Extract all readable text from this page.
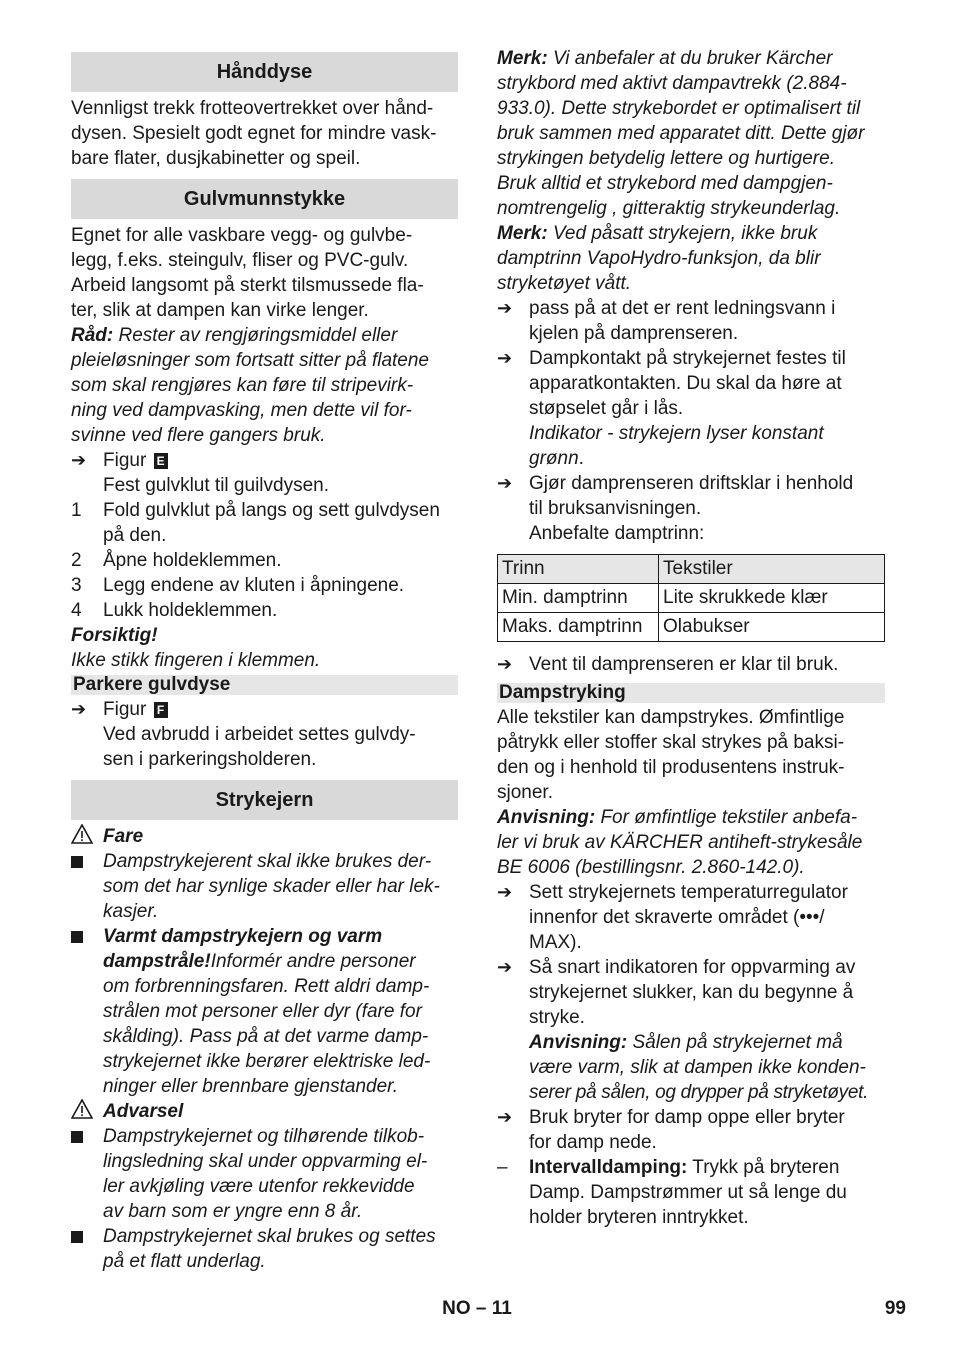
Hånddyse

Vennligst trekk frotteovertrekket over hånd-
dysen. Spesielt godt egnet for mindre vask-
bare flater, dusjkabinetter og speil.

Gulvmunnstykke

Egnet for alle vaskbare vegg- og gulvbe-
legg, f.eks. steingulv, fliser og PVC-gulv.
Arbeid langsomt på sterkt tilsmussede fla-
ter, slik at dampen kan virke lenger.

Råd: Rester av rengjøringsmiddel eller
pleieløsninger som fortsatt sitter på flatene
som skal rengjøres kan føre til stripevirk-
ning ved dampvasking, men dette vil for-
svinne ved flere gangers bruk.

➔ Figur E

Fest gulvklut til guilvdysen.

1	Fold gulvklut på langs og sett gulvdysen
på den.
2	Åpne holdeklemmen.
3	Legg endene av kluten i åpningene.
4	Lukk holdeklemmen.

Forsiktig!

Ikke stikk fingeren i klemmen.

Parkere gulvdyse
➔ Figur F

Ved avbrudd i arbeidet settes gulvdy-
sen i parkeringsholderen.

Strykejern
Fare
Dampstrykejerent skal ikke brukes der-
som det har synlige skader eller har lek-
kasjer.
Varmt dampstrykejern og varm
dampstråle!Informér andre personer
om forbrenningsfaren. Rett aldri damp-
strålen mot personer eller dyr (fare for
skålding). Pass på at det varme damp-
strykejernet ikke berører elektriske led-
ninger eller brennbare gjenstander.
Advarsel
Dampstrykejernet og tilhørende tilkob-
lingsledning skal under oppvarming el-
ler avkjøling være utenfor rekkevidde
av barn som er yngre enn 8 år.
Dampstrykejernet skal brukes og settes
på et flatt underlag.

Merk: Vi anbefaler at du bruker Kärcher
strykbord med aktivt dampavtrekk (2.884-
933.0). Dette strykebordet er optimalisert til
bruk sammen med apparatet ditt. Dette gjør
strykingen betydelig lettere og hurtigere.
Bruk alltid et strykebord med dampgjen-
nomtrengelig , gitteraktig strykeunderlag.

Merk: Ved påsatt strykejern, ikke bruk
damptrinn VapoHydro-funksjon, da blir
stryketøyet vått.

➔ pass på at det er rent ledningsvann i
kjelen på damprenseren.
➔ Dampkontakt på strykejernet festes til
apparatkontakten. Du skal da høre at
støpselet går i lås.
Indikator - strykejern lyser konstant
grønn.
➔ Gjør damprenseren driftsklar i henhold
til bruksanvisningen.
Anbefalte damptrinn:
Trinn	Tekstiler
Min. damptrinn	Lite skrukkede klær
Maks. damptrinn	Olabukser
➔ Vent til damprenseren er klar til bruk.
Dampstryking

Alle tekstiler kan dampstrykes. Ømfintlige
påtrykk eller stoffer skal strykes på baksi-
den og i henhold til produsentens instruk-
sjoner.

Anvisning: For ømfintlige tekstiler anbefa-
ler vi bruk av KÄRCHER antiheft-strykesåle
BE 6006 (bestillingsnr. 2.860-142.0).

➔ Sett strykejernets temperaturregulator
innenfor det skraverte området (•••/
MAX).
➔ Så snart indikatoren for oppvarming av
strykejernet slukker, kan du begynne å
stryke.
Anvisning: Sålen på strykejernet må
være varm, slik at dampen ikke konden-
serer på sålen, og drypper på stryketøyet.
➔ Bruk bryter for damp oppe eller bryter
for damp nede.
–	Intervalldamping: Trykk på bryteren
Damp. Dampstrømmer ut så lenge du
holder bryteren inntrykket.
NO – 11	99
